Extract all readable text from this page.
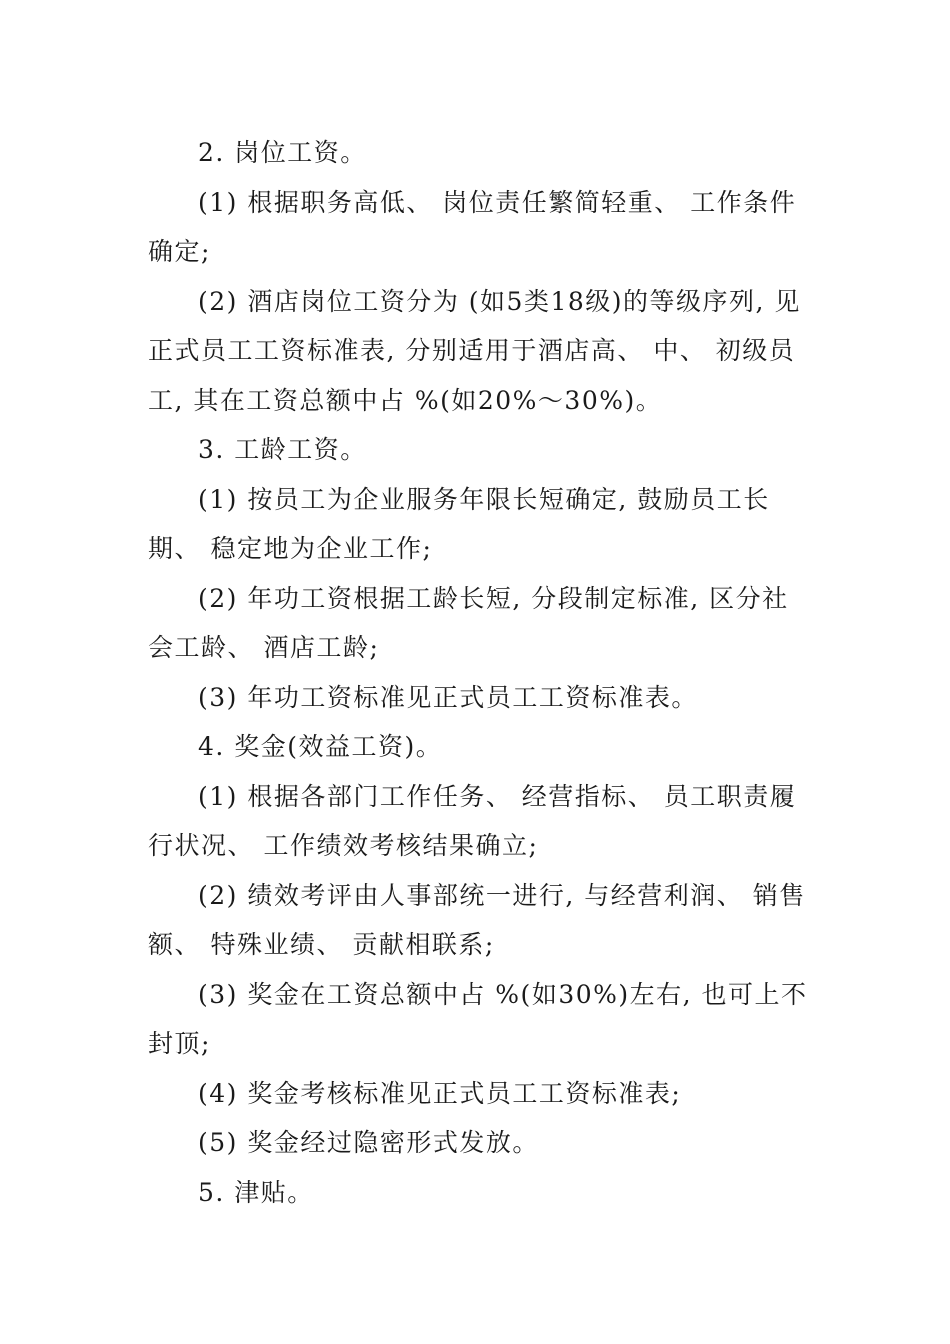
2. 岗位工资。

(1) 根据职务高低、 岗位责任繁简轻重、 工作条件确定;

(2) 酒店岗位工资分为 (如5类18级)的等级序列, 见正式员工工资标准表, 分别适用于酒店高、 中、 初级员工, 其在工资总额中占 %(如20%～30%)。

3. 工龄工资。

(1) 按员工为企业服务年限长短确定, 鼓励员工长期、 稳定地为企业工作;

(2) 年功工资根据工龄长短, 分段制定标准, 区分社会工龄、 酒店工龄;

(3) 年功工资标准见正式员工工资标准表。

4. 奖金(效益工资)。

(1) 根据各部门工作任务、 经营指标、 员工职责履行状况、 工作绩效考核结果确立;

(2) 绩效考评由人事部统一进行, 与经营利润、 销售额、 特殊业绩、 贡献相联系;

(3) 奖金在工资总额中占 %(如30%)左右, 也可上不封顶;

(4) 奖金考核标准见正式员工工资标准表;

(5) 奖金经过隐密形式发放。

5. 津贴。
